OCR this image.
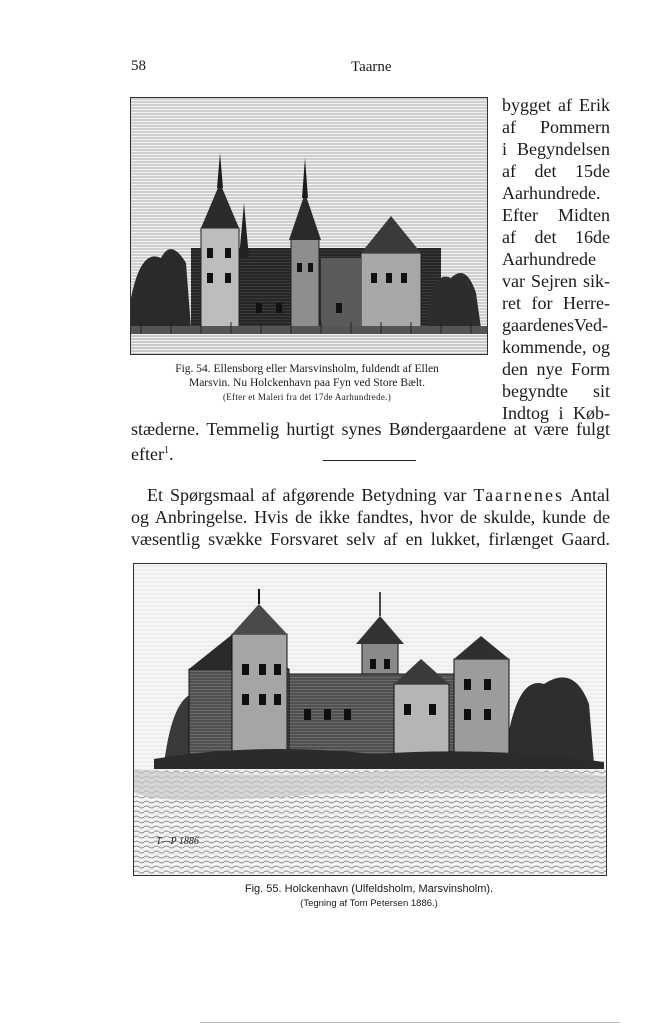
58	Taarne
Fig. 54. Ellensborg eller Marsvinsholm, fuldendt af Ellen
Marsvin. Nu Holckenhavn paa Fyn ved Store Bælt.
(Efter et Maleri fra det 17de Aarhundrede.)
bygget af Erik
af Pommern
i Begyndelsen
af det 15de
Aarhundrede.
Efter Midten
af det 16de
Aarhundrede
var Sejren sik-
ret for Herre-
gaardenesVed-
kommende, og
den nye Form
begyndte sit
Indtog i Køb-
stæderne. Temmelig hurtigt synes Bøndergaardene at være fulgt
efter$^1$.
Et Spørgsmaal af afgørende Betydning var Taarnenes Antal
og Anbringelse. Hvis de ikke fandtes, hvor de skulde, kunde de
væsentlig svække Forsvaret selv af en lukket, firlænget Gaard.
T—P 1886
Fig. 55. Holckenhavn (Ulfeldsholm, Marsvinsholm).
(Tegning af Tom Petersen 1886.)
